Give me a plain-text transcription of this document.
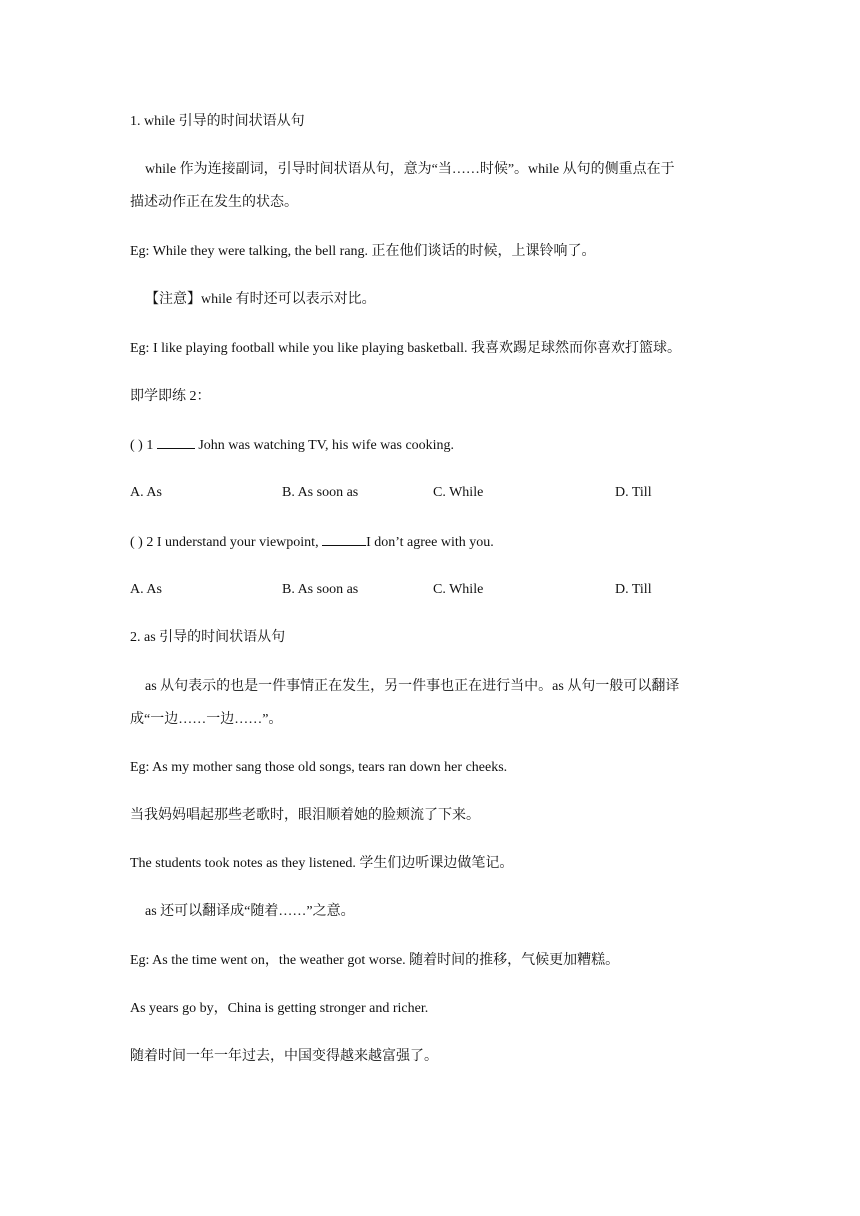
1. while 引导的时间状语从句
while 作为连接副词，引导时间状语从句，意为“当……时候”。while 从句的侧重点在于
描述动作正在发生的状态。
Eg: While they were talking, the bell rang. 正在他们谈话的时候，上课铃响了。
【注意】while 有时还可以表示对比。
Eg: I like playing football while you like playing basketball. 我喜欢踢足球然而你喜欢打篮球。
即学即练 2：
( ) 1	John was watching TV, his wife was cooking.
A. As	B. As soon as	C. While	D. Till
( ) 2 I understand your viewpoint,	I don’t agree with you.
A. As	B. As soon as	C. While	D. Till
2. as 引导的时间状语从句
as 从句表示的也是一件事情正在发生，另一件事也正在进行当中。as 从句一般可以翻译
成“一边……一边……”。
Eg: As my mother sang those old songs, tears ran down her cheeks.
当我妈妈唱起那些老歌时，眼泪顺着她的脸颊流了下来。
The students took notes as they listened. 学生们边听课边做笔记。
as 还可以翻译成“随着……”之意。
Eg: As the time went on，the weather got worse. 随着时间的推移，气候更加糟糕。
As years go by，China is getting stronger and richer.
随着时间一年一年过去，中国变得越来越富强了。
